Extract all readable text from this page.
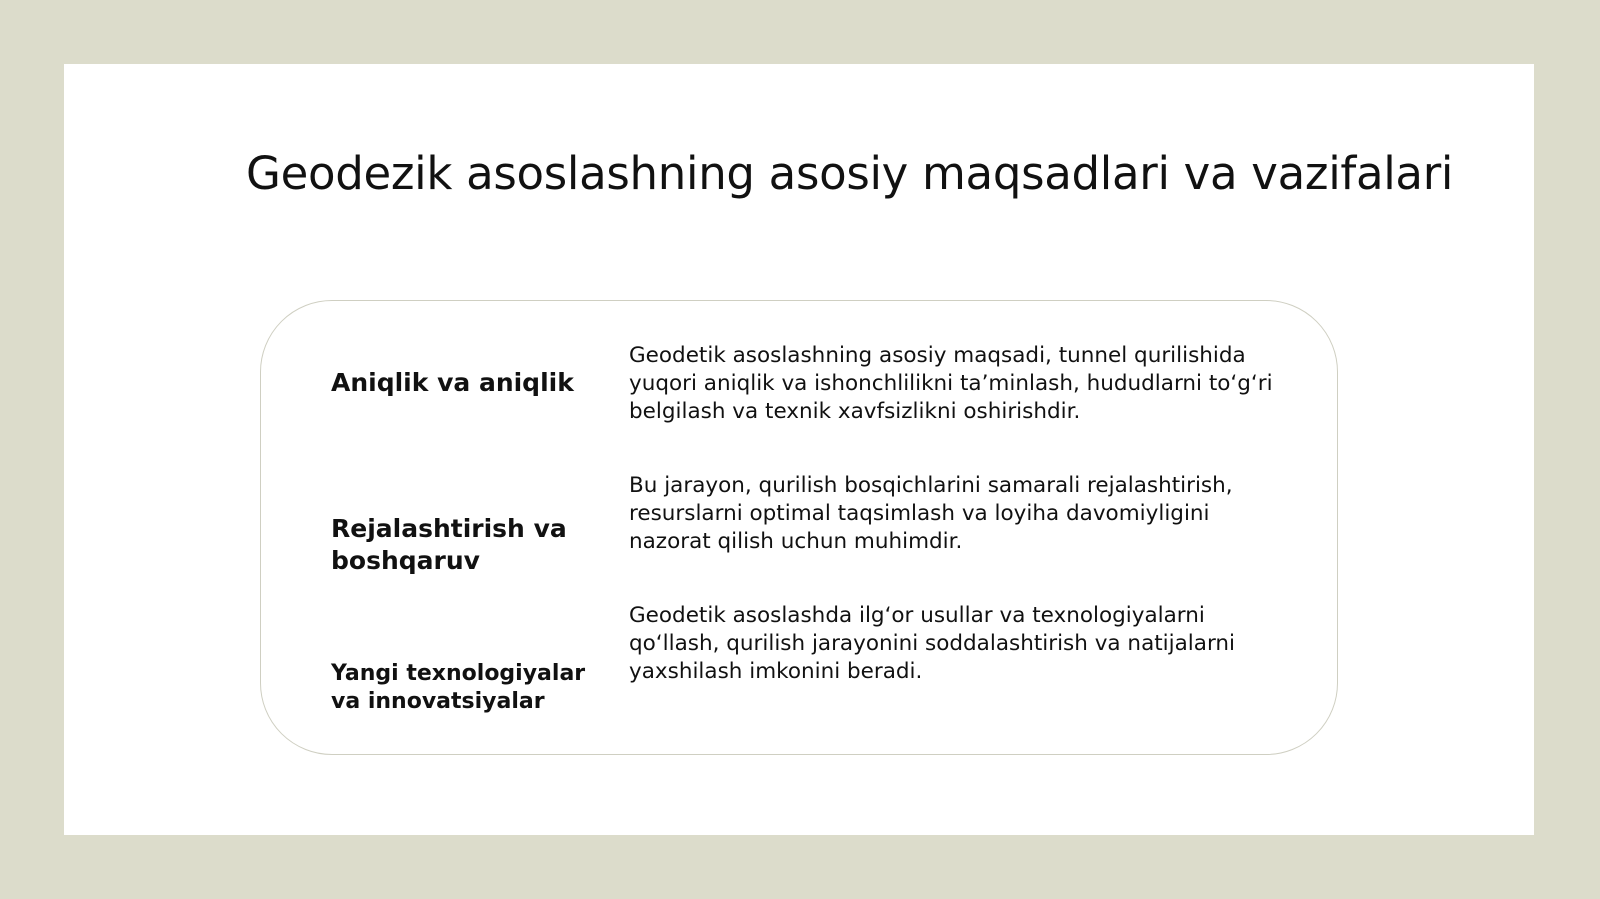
Geodezik asoslashning asosiy maqsadlari va vazifalari
Aniqlik va aniqlik

Geodetik asoslashning asosiy maqsadi, tunnel qurilishida yuqori aniqlik va ishonchlilikni ta’minlash, hududlarni to‘g‘ri belgilash va texnik xavfsizlikni oshirishdir.

Rejalashtirish va boshqaruv

Bu jarayon, qurilish bosqichlarini samarali rejalashtirish, resurslarni optimal taqsimlash va loyiha davomiyligini nazorat qilish uchun muhimdir.

Yangi texnologiyalar va innovatsiyalar

Geodetik asoslashda ilg‘or usullar va texnologiyalarni qo‘llash, qurilish jarayonini soddalashtirish va natijalarni yaxshilash imkonini beradi.
